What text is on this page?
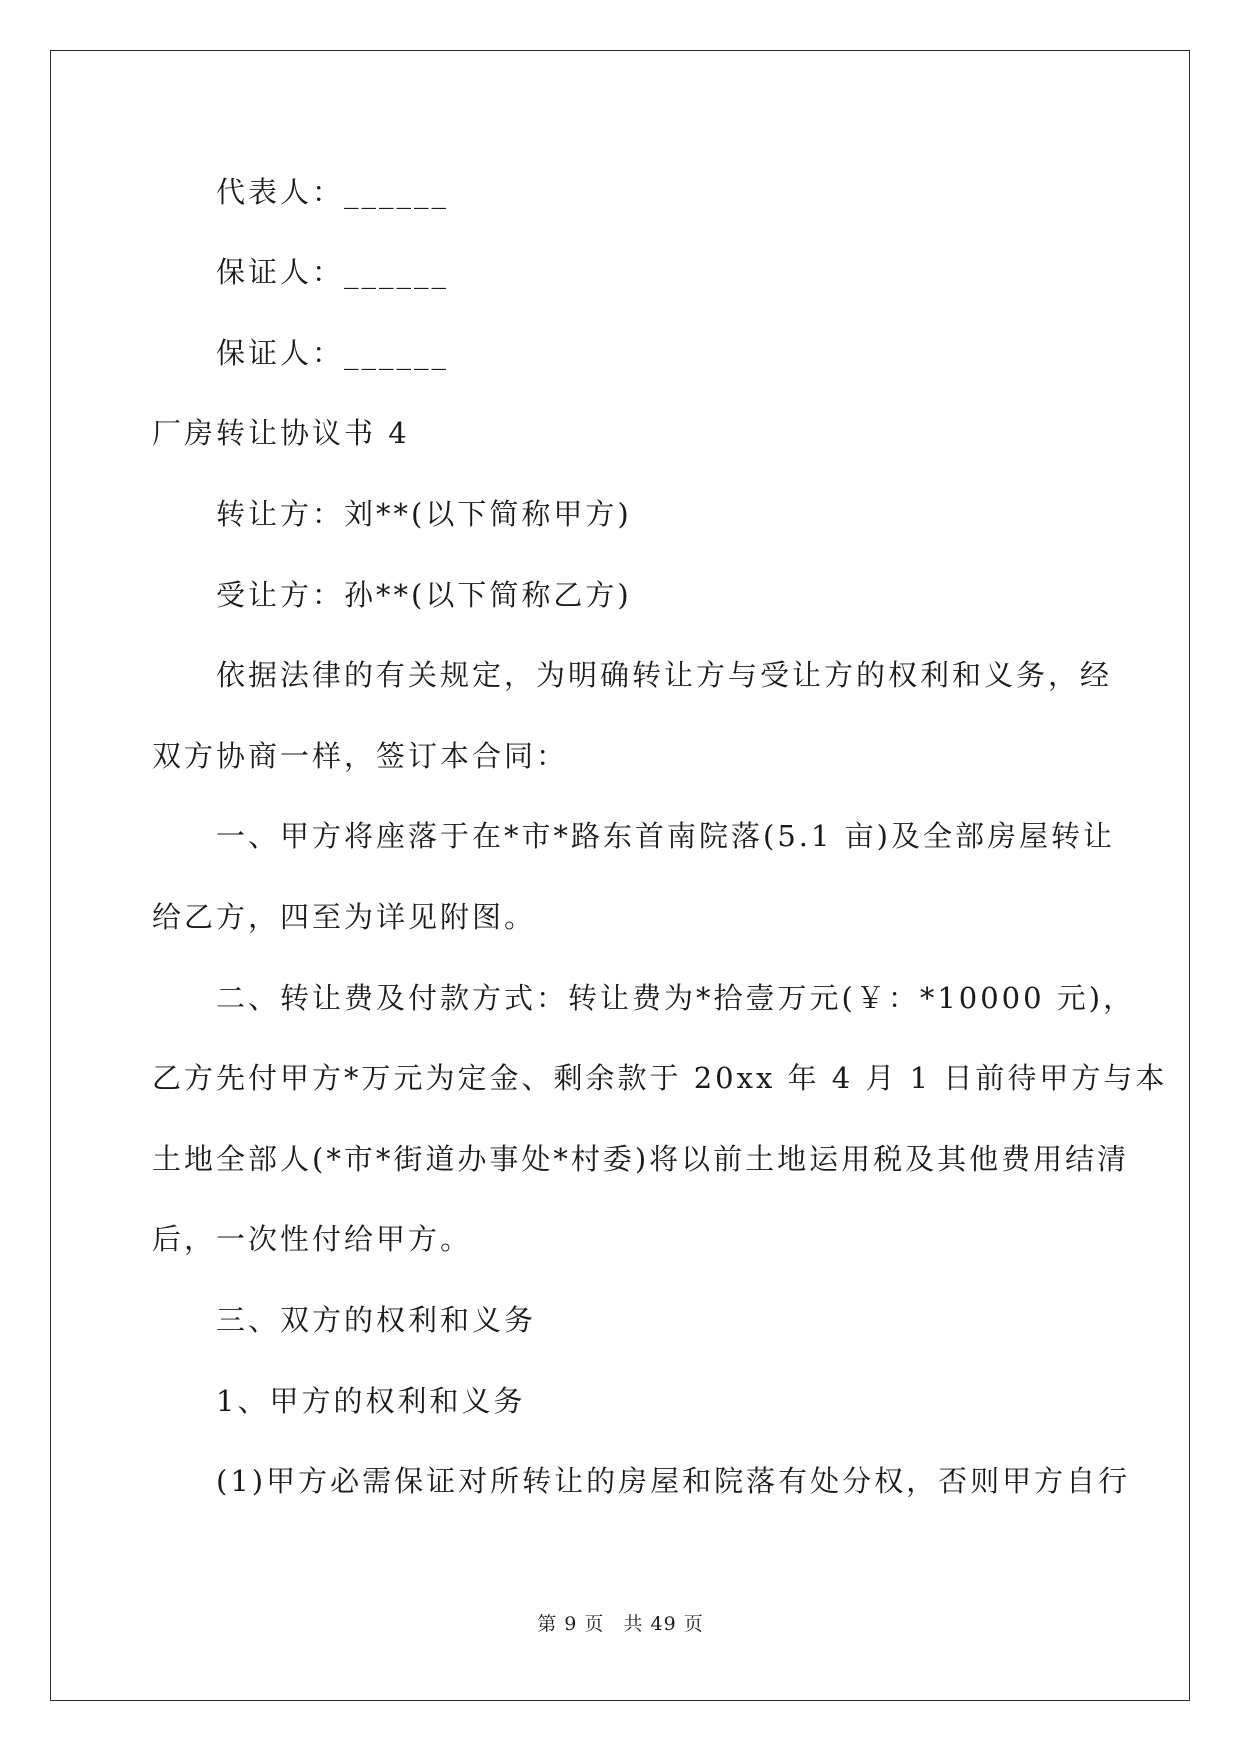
代表人：______
保证人：______
保证人：______
厂房转让协议书 4
转让方：刘**(以下简称甲方)
受让方：孙**(以下简称乙方)
依据法律的有关规定，为明确转让方与受让方的权利和义务，经
双方协商一样，签订本合同：
一、甲方将座落于在*市*路东首南院落(5.1 亩)及全部房屋转让
给乙方，四至为详见附图。
二、转让费及付款方式：转让费为*拾壹万元(￥：*10000 元)，
乙方先付甲方*万元为定金、剩余款于 20xx 年 4 月 1 日前待甲方与本
土地全部人(*市*街道办事处*村委)将以前土地运用税及其他费用结清
后，一次性付给甲方。
三、双方的权利和义务
1、甲方的权利和义务
(1)甲方必需保证对所转让的房屋和院落有处分权，否则甲方自行
第 9 页 共 49 页
